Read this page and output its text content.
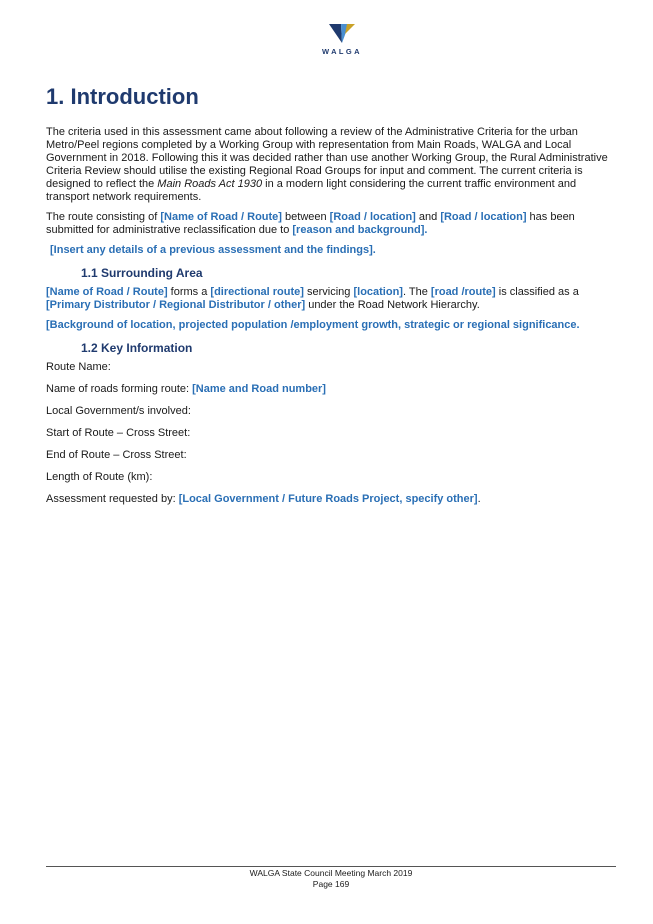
WALGA
1. Introduction

The criteria used in this assessment came about following a review of the Administrative Criteria for the urban Metro/Peel regions completed by a Working Group with representation from Main Roads, WALGA and Local Government in 2018. Following this it was decided rather than use another Working Group, the Rural Administrative Criteria Review should utilise the existing Regional Road Groups for input and comment. The current criteria is designed to reflect the Main Roads Act 1930 in a modern light considering the current traffic environment and transport network requirements.

The route consisting of [Name of Road / Route] between [Road / location] and [Road / location] has been submitted for administrative reclassification due to [reason and background].

[Insert any details of a previous assessment and the findings].

1.1 Surrounding Area

[Name of Road / Route] forms a [directional route] servicing [location]. The [road /route] is classified as a [Primary Distributor / Regional Distributor / other] under the Road Network Hierarchy.

[Background of location, projected population /employment growth, strategic or regional significance.

1.2 Key Information
Route Name:
Name of roads forming route: [Name and Road number]
Local Government/s involved:
Start of Route – Cross Street:
End of Route – Cross Street:
Length of Route (km):
Assessment requested by: [Local Government / Future Roads Project, specify other].
WALGA State Council Meeting March 2019
Page 169
